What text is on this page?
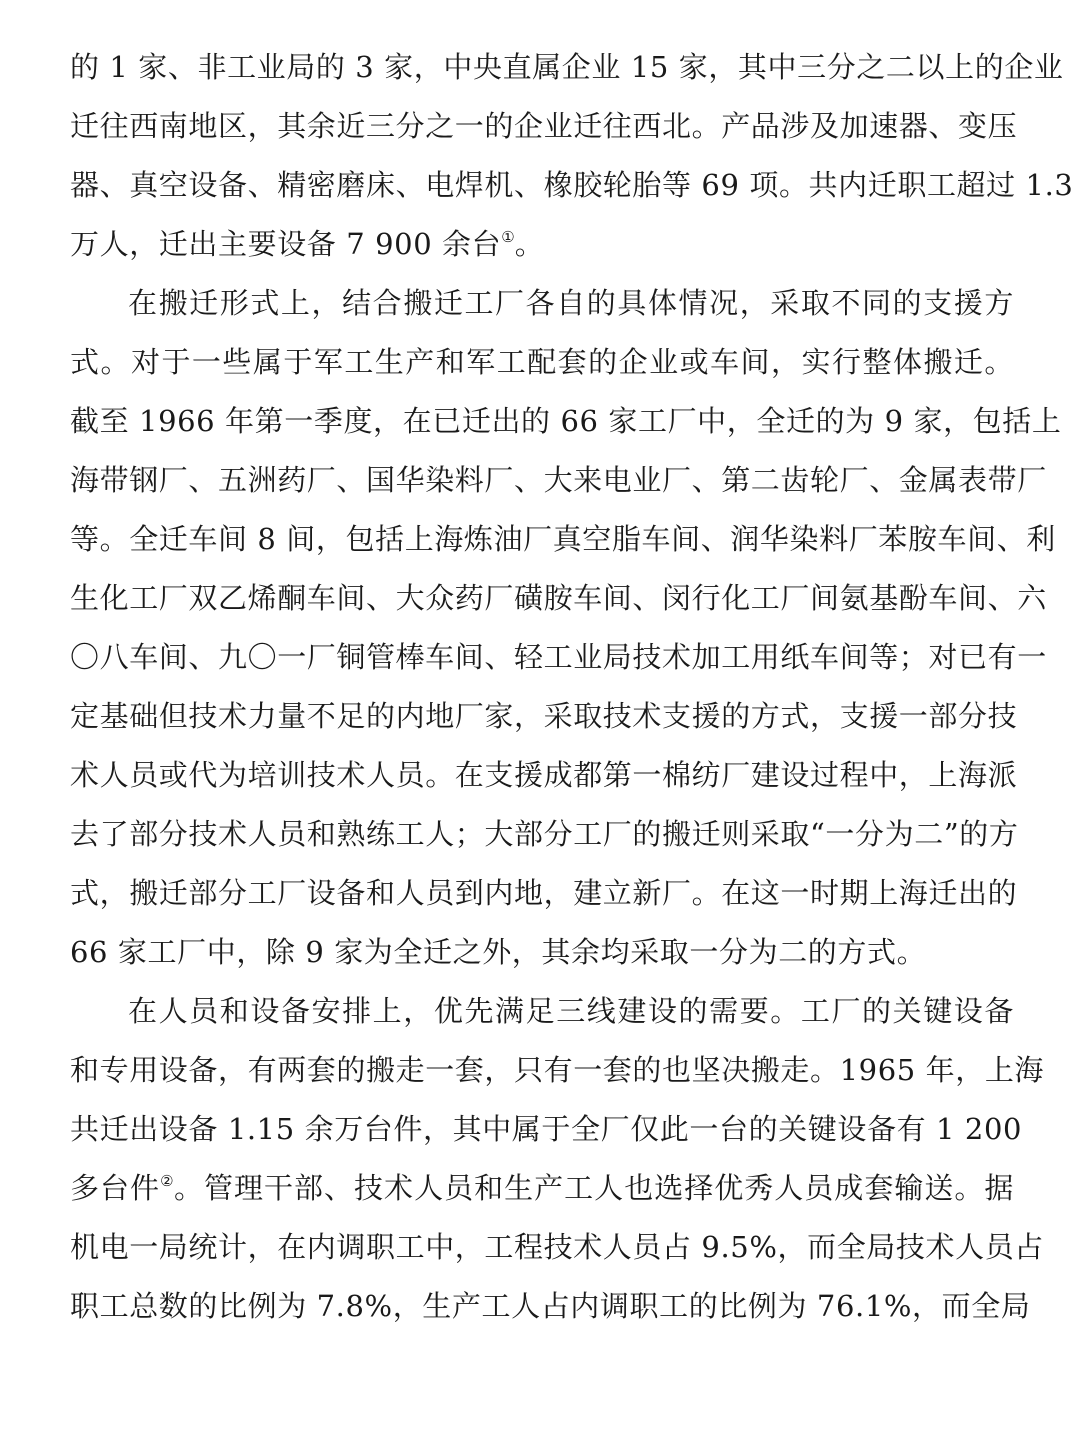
的 1 家、非工业局的 3 家，中央直属企业 15 家，其中三分之二以上的企业
迁往西南地区，其余近三分之一的企业迁往西北。产品涉及加速器、变压
器、真空设备、精密磨床、电焊机、橡胶轮胎等 69 项。共内迁职工超过 1.3
万人，迁出主要设备 7 900 余台①。
在搬迁形式上，结合搬迁工厂各自的具体情况，采取不同的支援方
式。对于一些属于军工生产和军工配套的企业或车间，实行整体搬迁。
截至 1966 年第一季度，在已迁出的 66 家工厂中，全迁的为 9 家，包括上
海带钢厂、五洲药厂、国华染料厂、大来电业厂、第二齿轮厂、金属表带厂
等。全迁车间 8 间，包括上海炼油厂真空脂车间、润华染料厂苯胺车间、利
生化工厂双乙烯酮车间、大众药厂磺胺车间、闵行化工厂间氨基酚车间、六
〇八车间、九〇一厂铜管棒车间、轻工业局技术加工用纸车间等；对已有一
定基础但技术力量不足的内地厂家，采取技术支援的方式，支援一部分技
术人员或代为培训技术人员。在支援成都第一棉纺厂建设过程中，上海派
去了部分技术人员和熟练工人；大部分工厂的搬迁则采取“一分为二”的方
式，搬迁部分工厂设备和人员到内地，建立新厂。在这一时期上海迁出的
66 家工厂中，除 9 家为全迁之外，其余均采取一分为二的方式。
在人员和设备安排上，优先满足三线建设的需要。工厂的关键设备
和专用设备，有两套的搬走一套，只有一套的也坚决搬走。1965 年，上海
共迁出设备 1.15 余万台件，其中属于全厂仅此一台的关键设备有 1 200
多台件②。管理干部、技术人员和生产工人也选择优秀人员成套输送。据
机电一局统计，在内调职工中，工程技术人员占 9.5%，而全局技术人员占
职工总数的比例为 7.8%，生产工人占内调职工的比例为 76.1%，而全局
